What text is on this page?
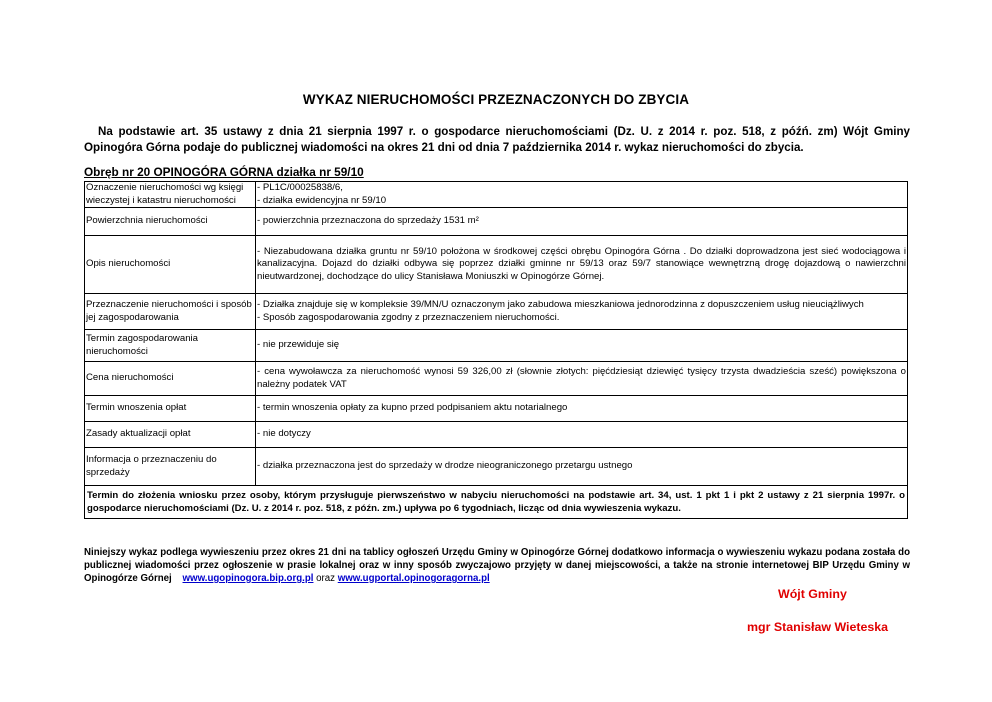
WYKAZ NIERUCHOMOŚCI PRZEZNACZONYCH DO ZBYCIA
Na podstawie art. 35 ustawy z dnia 21 sierpnia 1997 r. o gospodarce nieruchomościami (Dz. U. z 2014 r. poz. 518, z późń. zm) Wójt Gminy Opinogóra Górna podaje do publicznej wiadomości na okres 21 dni od dnia 7 października 2014 r. wykaz nieruchomości do zbycia.
Obręb nr 20 OPINOGÓRA GÓRNA działka nr 59/10
Oznaczenie nieruchomości wg księgi wieczystej i katastru nieruchomości	- PL1C/00025838/6,
- działka ewidencyjna nr 59/10
Powierzchnia nieruchomości	- powierzchnia przeznaczona do sprzedaży 1531 m²
Opis nieruchomości	- Niezabudowana działka gruntu nr 59/10 położona w środkowej części obrębu Opinogóra Górna . Do działki doprowadzona jest sieć wodociągowa i kanalizacyjna. Dojazd do działki odbywa się poprzez działki gminne nr 59/13 oraz 59/7 stanowiące wewnętrzną drogę dojazdową o nawierzchni nieutwardzonej, dochodzące do ulicy Stanisława Moniuszki w Opinogórze Górnej.
Przeznaczenie nieruchomości i sposób jej zagospodarowania	- Działka znajduje się w kompleksie 39/MN/U oznaczonym jako zabudowa mieszkaniowa jednorodzinna z dopuszczeniem usług nieuciążliwych
- Sposób zagospodarowania zgodny z przeznaczeniem nieruchomości.
Termin zagospodarowania nieruchomości	- nie przewiduje się
Cena nieruchomości	- cena wywoławcza za nieruchomość wynosi 59 326,00 zł (słownie złotych: pięćdziesiąt dziewięć tysięcy trzysta dwadzieścia sześć) powiększona o należny podatek VAT
Termin wnoszenia opłat	- termin wnoszenia opłaty za kupno przed podpisaniem aktu notarialnego
Zasady aktualizacji opłat	- nie dotyczy
Informacja o przeznaczeniu do sprzedaży	- działka przeznaczona jest do sprzedaży w drodze nieograniczonego przetargu ustnego
Termin do złożenia wniosku przez osoby, którym przysługuje pierwszeństwo w nabyciu nieruchomości na podstawie art. 34, ust. 1 pkt 1 i pkt 2 ustawy z 21 sierpnia 1997r. o gospodarce nieruchomościami (Dz. U. z 2014 r. poz. 518, z późn. zm.) upływa po 6 tygodniach, licząc od dnia wywieszenia wykazu.	
Niniejszy wykaz podlega wywieszeniu przez okres 21 dni na tablicy ogłoszeń Urzędu Gminy w Opinogórze Górnej dodatkowo informacja o wywieszeniu wykazu podana została do publicznej wiadomości przez ogłoszenie w prasie lokalnej oraz w inny sposób zwyczajowo przyjęty w danej miejscowości, a także na stronie internetowej BIP Urzędu Gminy w Opinogórze Górnej www.ugopinogora.bip.org.pl oraz www.ugportal.opinogoragorna.pl
Wójt Gminy
mgr Stanisław Wieteska
